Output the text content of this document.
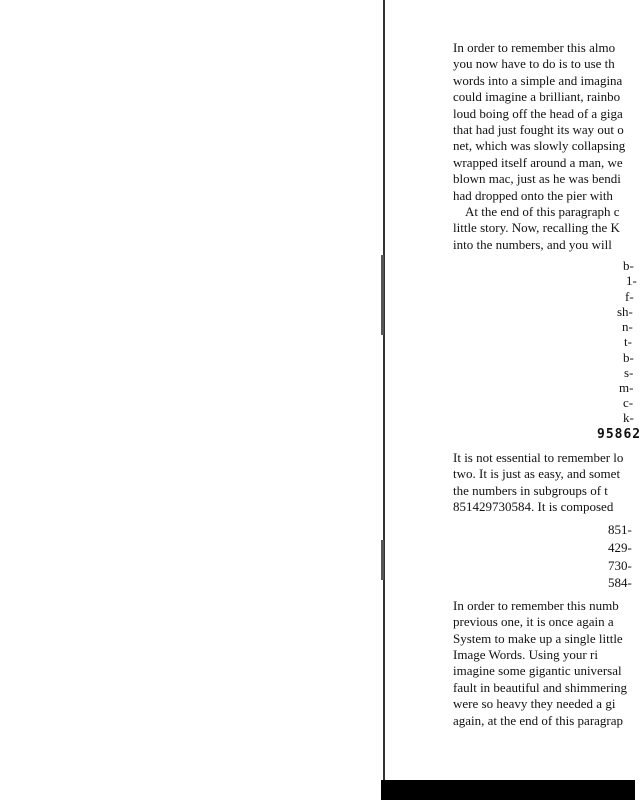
In order to remember this almo
you now have to do is to use th
words into a simple and imagina
could imagine a brilliant, rainbo
loud boing off the head of a giga
that had just fought its way out o
net, which was slowly collapsing
wrapped itself around a man, we
blown mac, just as he was bendi
had dropped onto the pier with

At the end of this paragraph c
little story. Now, recalling the K
into the numbers, and you will

b-
1-
f-
sh-
n-
t-
b-
s-
m-
c-
k-
95862

It is not essential to remember lo
two. It is just as easy, and somet
the numbers in subgroups of t
851429730584. It is composed

851-
429-
730-
584-

In order to remember this numb
previous one, it is once again a
System to make up a single little
Image Words. Using your ri
imagine some gigantic universal
fault in beautiful and shimmering
were so heavy they needed a gi
again, at the end of this paragrap
